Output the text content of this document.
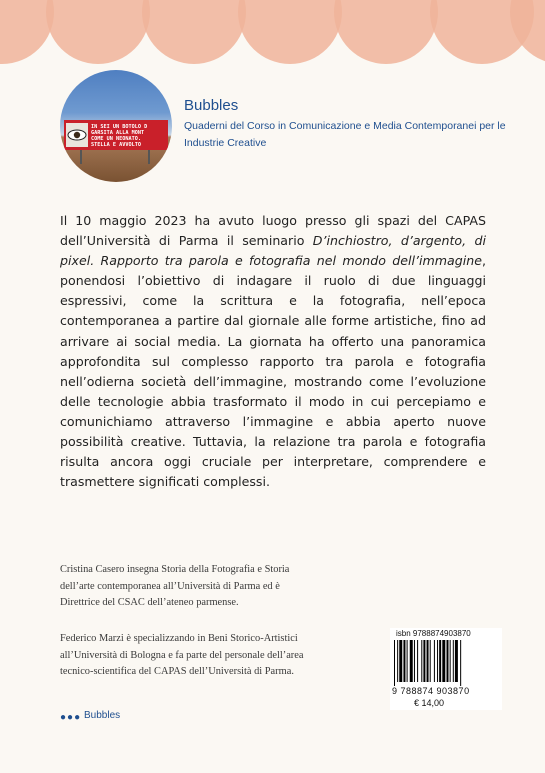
IN SEI UN BOTOLO D
GARSITA ALLA MONT
COME UN NEONATO.
STELLA E AVVOLTO
Bubbles
Quaderni del Corso in Comunicazione e Media Contemporanei per le Industrie Creative
Il 10 maggio 2023 ha avuto luogo presso gli spazi del CAPAS dell’Università di Parma il seminario D’inchiostro, d’argento, di pixel. Rapporto tra parola e fotografia nel mondo dell’immagine, ponendosi l’obiettivo di indagare il ruolo di due linguaggi espressivi, come la scrittura e la fotografia, nell’epoca contemporanea a partire dal giornale alle forme artistiche, fino ad arrivare ai social media. La giornata ha offerto una panoramica approfondita sul complesso rapporto tra parola e fotografia nell’odierna società dell’immagine, mostrando come l’evoluzione delle tecnologie abbia trasformato il modo in cui percepiamo e comunichiamo attraverso l’immagine e abbia aperto nuove possibilità creative. Tuttavia, la relazione tra parola e fotografia risulta ancora oggi cruciale per interpretare, comprendere e trasmettere significati complessi.
Cristina Casero insegna Storia della Fotografia e Storia dell’arte contemporanea all’Università di Parma ed è Direttrice del CSAC dell’ateneo parmense.
Federico Marzi è specializzando in Beni Storico-Artistici all’Università di Bologna e fa parte del personale dell’area tecnico-scientifica del CAPAS dell’Università di Parma.
●●● Bubbles
isbn 9788874903870
9 788874 903870
€ 14,00
